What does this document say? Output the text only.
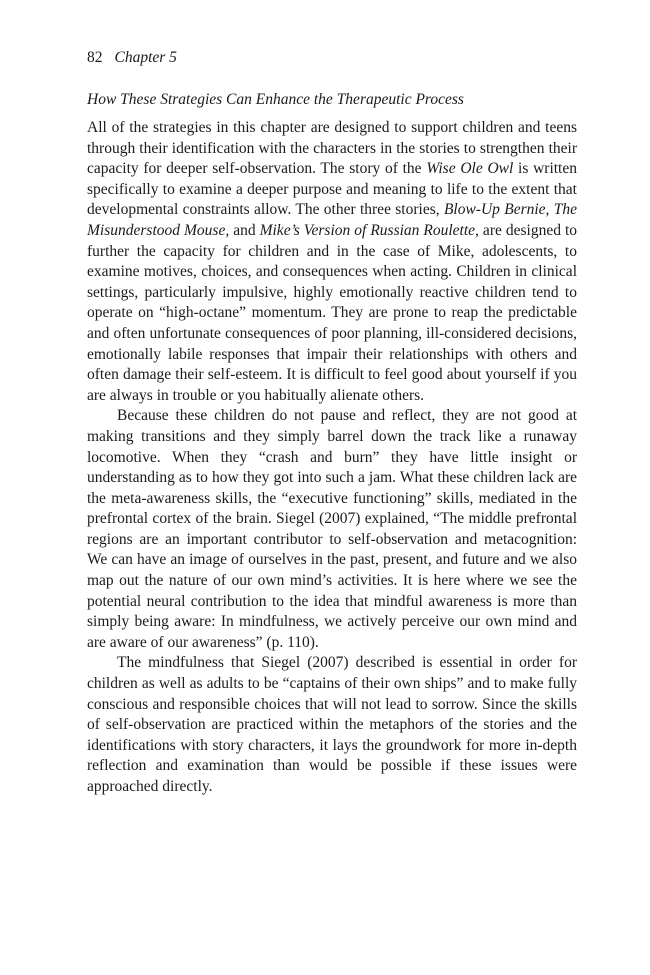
82 Chapter 5
How These Strategies Can Enhance the Therapeutic Process

All of the strategies in this chapter are designed to support children and teens through their identification with the characters in the stories to strengthen their capacity for deeper self-observation. The story of the Wise Ole Owl is written specifically to examine a deeper purpose and meaning to life to the extent that developmental constraints allow. The other three stories, Blow-Up Bernie, The Misunderstood Mouse, and Mike’s Version of Russian Roulette, are designed to further the capacity for children and in the case of Mike, adolescents, to examine motives, choices, and consequences when acting. Children in clinical settings, particularly impulsive, highly emotionally reactive children tend to operate on “high-octane” momentum. They are prone to reap the predictable and often unfortunate consequences of poor planning, ill-considered decisions, emotionally labile responses that impair their relationships with others and often damage their self-esteem. It is difficult to feel good about yourself if you are always in trouble or you habitually alienate others.

Because these children do not pause and reflect, they are not good at making transitions and they simply barrel down the track like a runaway locomotive. When they “crash and burn” they have little insight or understanding as to how they got into such a jam. What these children lack are the meta-awareness skills, the “executive functioning” skills, mediated in the prefrontal cortex of the brain. Siegel (2007) explained, “The middle prefrontal regions are an important contributor to self-observation and metacognition: We can have an image of ourselves in the past, present, and future and we also map out the nature of our own mind’s activities. It is here where we see the potential neural contribution to the idea that mindful awareness is more than simply being aware: In mindfulness, we actively perceive our own mind and are aware of our awareness” (p. 110).

The mindfulness that Siegel (2007) described is essential in order for children as well as adults to be “captains of their own ships” and to make fully conscious and responsible choices that will not lead to sorrow. Since the skills of self-observation are practiced within the metaphors of the stories and the identifications with story characters, it lays the groundwork for more in-depth reflection and examination than would be possible if these issues were approached directly.
